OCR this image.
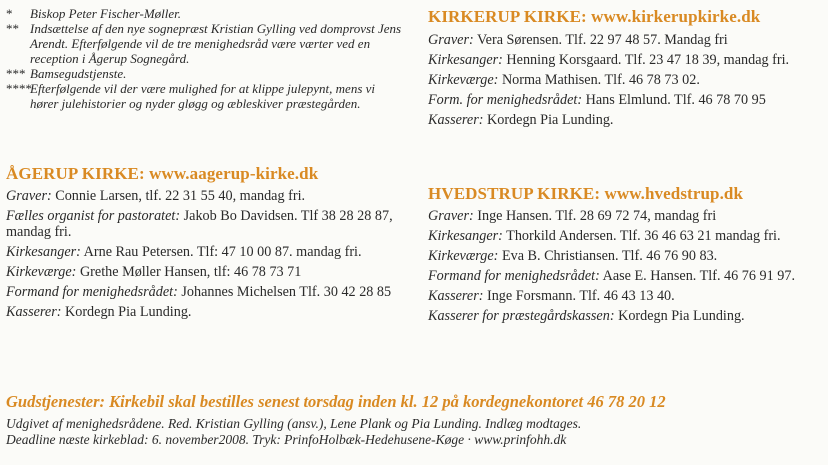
*	Biskop Peter Fischer-Møller.
** Indsættelse af den nye sognepræst Kristian Gylling ved domprovst Jens Arendt. Efterfølgende vil de tre menighedsråd være værter ved en reception i Ågerup Sognegård.
*** Bamsegudstjenste.
****
Efterfølgende vil der være mulighed for at klippe julepynt, mens vi hører julehistorier og nyder gløgg og æbleskiver præstegården.
ÅGERUP KIRKE: www.aagerup-kirke.dk
Graver: Connie Larsen, tlf. 22 31 55 40, mandag fri.
Fælles organist for pastoratet: Jakob Bo Davidsen. Tlf 38 28 28 87, mandag fri.
Kirkesanger: Arne Rau Petersen. Tlf: 47 10 00 87. mandag fri.
Kirkeværge: Grethe Møller Hansen, tlf: 46 78 73 71
Formand for menighedsrådet: Johannes Michelsen Tlf. 30 42 28 85
Kasserer: Kordegn Pia Lunding.
KIRKERUP KIRKE: www.kirkerupkirke.dk
Graver: Vera Sørensen. Tlf. 22 97 48 57. Mandag fri
Kirkesanger: Henning Korsgaard. Tlf. 23 47 18 39, mandag fri.
Kirkeværge: Norma Mathisen. Tlf. 46 78 73 02.
Form. for menighedsrådet: Hans Elmlund. Tlf. 46 78 70 95
Kasserer: Kordegn Pia Lunding.
HVEDSTRUP KIRKE: www.hvedstrup.dk
Graver: Inge Hansen. Tlf. 28 69 72 74, mandag fri
Kirkesanger: Thorkild Andersen. Tlf. 36 46 63 21 mandag fri.
Kirkeværge: Eva B. Christiansen. Tlf. 46 76 90 83.
Formand for menighedsrådet: Aase E. Hansen. Tlf. 46 76 91 97.
Kasserer: Inge Forsmann. Tlf. 46 43 13 40.
Kasserer for præstegårdskassen: Kordegn Pia Lunding.
Gudstjenester: Kirkebil skal bestilles senest torsdag inden kl. 12 på kordegnekontoret 46 78 20 12
Udgivet af menighedsrådene. Red. Kristian Gylling (ansv.), Lene Plank og Pia Lunding. Indlæg modtages.
Deadline næste kirkeblad: 6. november2008. Tryk: PrinfoHolbæk-Hedehusene-Køge · www.prinfohh.dk
